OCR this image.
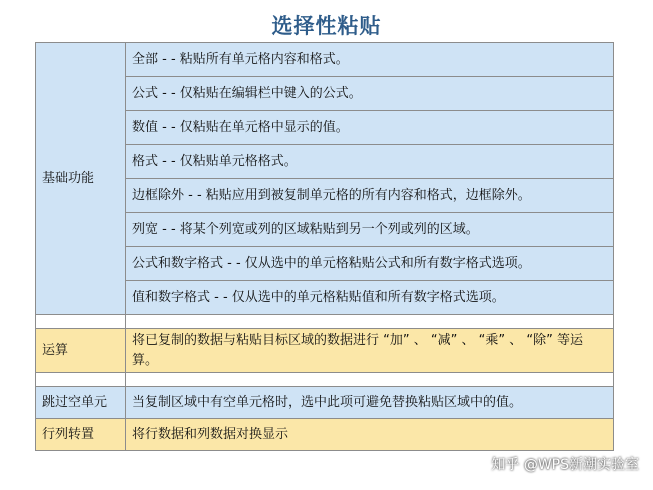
选择性粘贴
基础功能	全部 - - 粘贴所有单元格内容和格式。
	公式 - - 仅粘贴在编辑栏中键入的公式。
	数值 - - 仅粘贴在单元格中显示的值。
	格式 - - 仅粘贴单元格格式。
	边框除外 - - 粘贴应用到被复制单元格的所有内容和格式，边框除外。
	列宽 - - 将某个列宽或列的区域粘贴到另一个列或列的区域。
	公式和数字格式 - - 仅从选中的单元格粘贴公式和所有数字格式选项。
	值和数字格式 - - 仅从选中的单元格粘贴值和所有数字格式选项。

运算	将已复制的数据与粘贴目标区域的数据进行 “加” 、 “减” 、 “乘” 、 “除” 等运算。

跳过空单元	当复制区域中有空单元格时，选中此项可避免替换粘贴区域中的值。
行列转置	将行数据和列数据对换显示
知乎 @WPS新潮实验室
